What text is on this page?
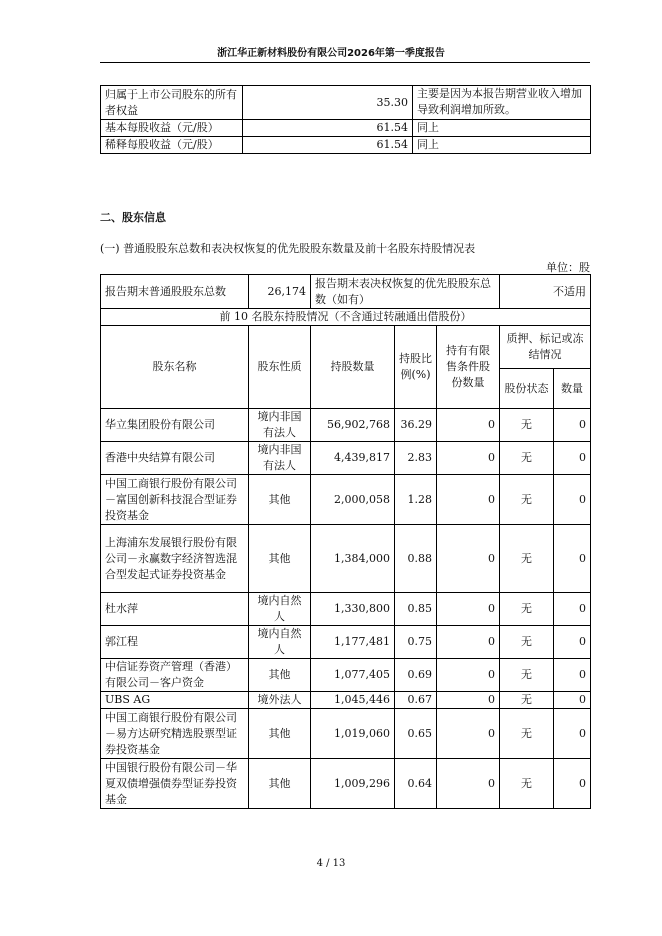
浙江华正新材料股份有限公司2026年第一季度报告
归属于上市公司股东的所有者权益	35.30	主要是因为本报告期营业收入增加导致利润增加所致。
基本每股收益（元/股）	61.54	同上
稀释每股收益（元/股）	61.54	同上
二、股东信息
(一) 普通股股东总数和表决权恢复的优先股股东数量及前十名股东持股情况表
单位：股
报告期末普通股股东总数	26,174	报告期末表决权恢复的优先股股东总数（如有）			不适用	
前 10 名股东持股情况（不含通过转融通出借股份）						
股东名称	股东性质	持股数量	持股比例(%)	持有有限售条件股份数量	质押、标记或冻结情况	
					股份状态	数量
华立集团股份有限公司	境内非国有法人	56,902,768	36.29	0	无	0
香港中央结算有限公司	境内非国有法人	4,439,817	2.83	0	无	0
中国工商银行股份有限公司－富国创新科技混合型证券投资基金	其他	2,000,058	1.28	0	无	0
上海浦东发展银行股份有限公司－永赢数字经济智选混合型发起式证券投资基金	其他	1,384,000	0.88	0	无	0
杜水萍	境内自然人	1,330,800	0.85	0	无	0
郭江程	境内自然人	1,177,481	0.75	0	无	0
中信证券资产管理（香港）有限公司－客户资金	其他	1,077,405	0.69	0	无	0
UBS AG	境外法人	1,045,446	0.67	0	无	0
中国工商银行股份有限公司－易方达研究精选股票型证券投资基金	其他	1,019,060	0.65	0	无	0
中国银行股份有限公司－华夏双债增强债券型证券投资基金	其他	1,009,296	0.64	0	无	0
4 / 13
